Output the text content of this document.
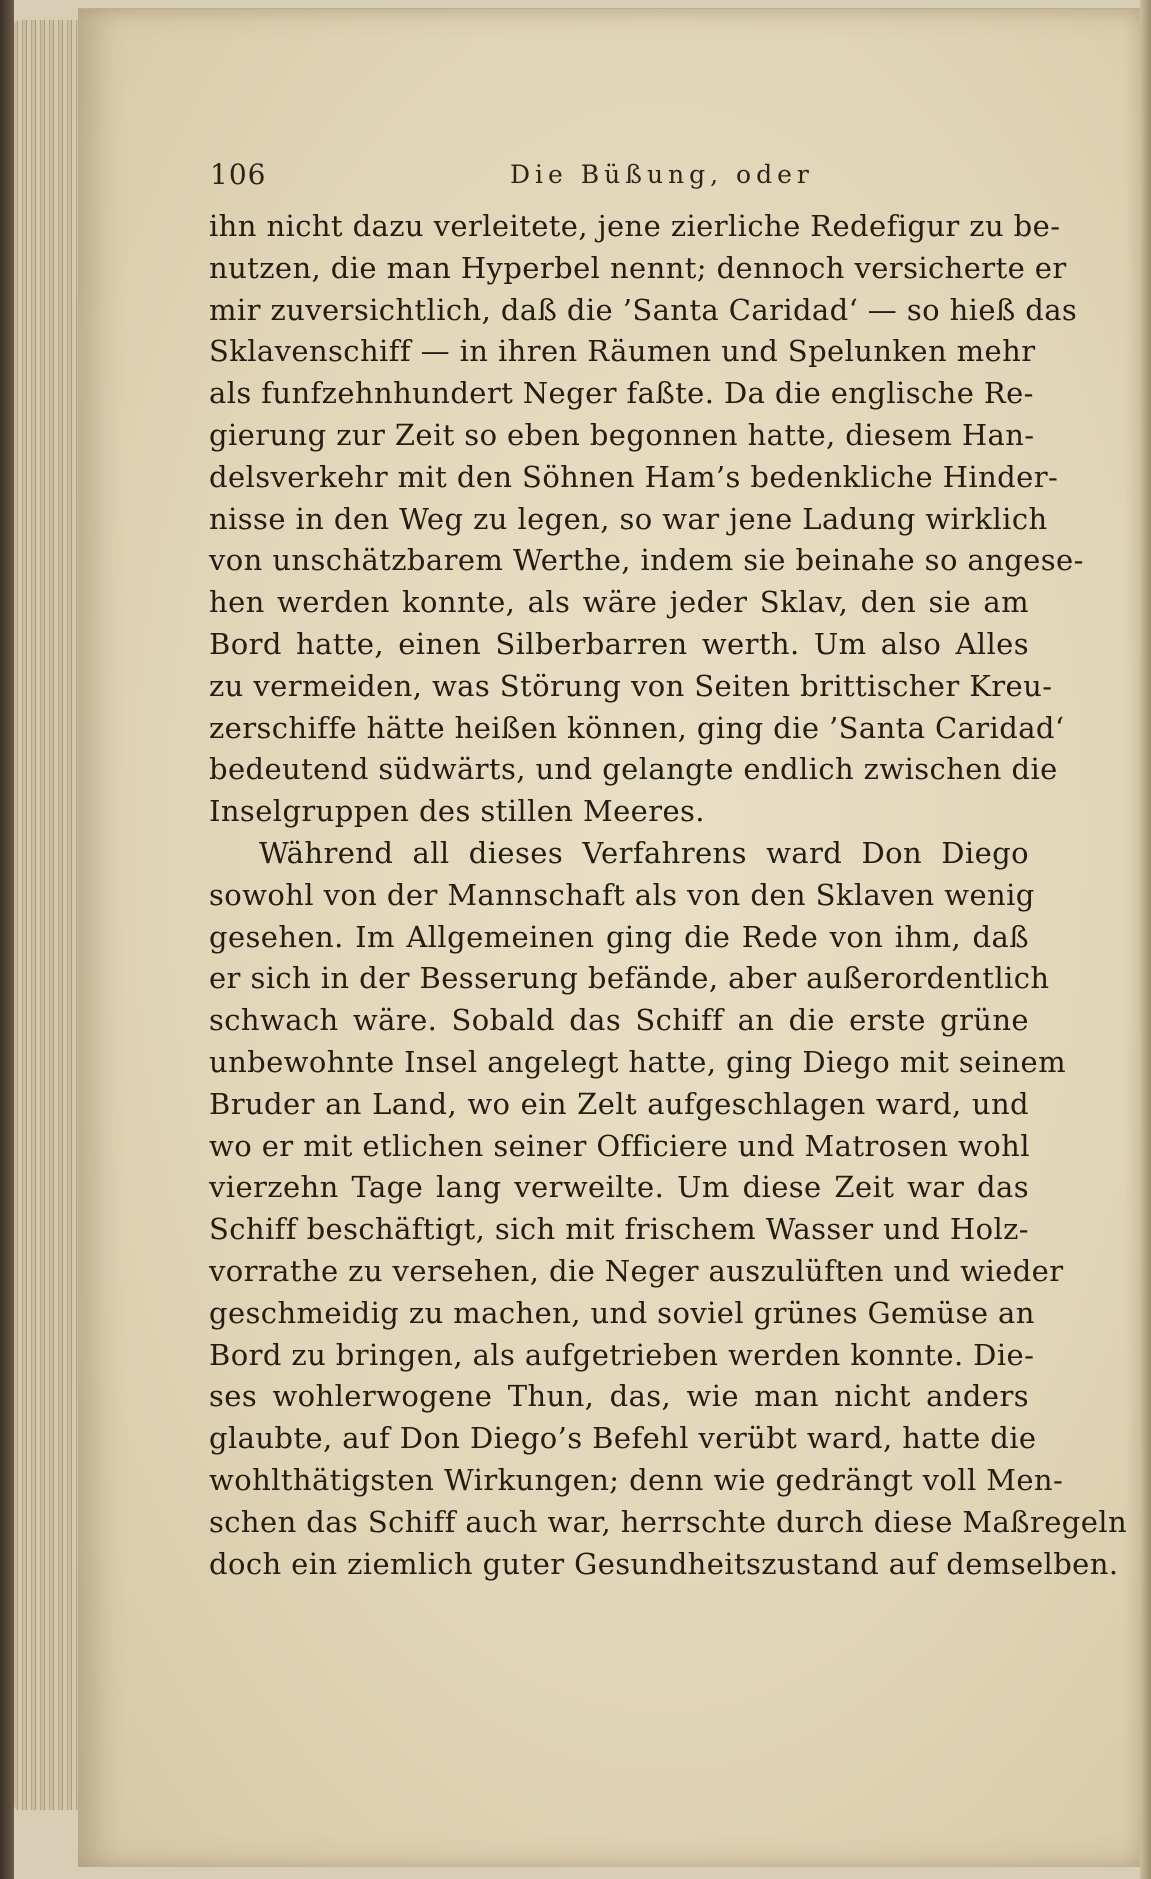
106	Die Büßung, oder
ihn nicht dazu verleitete, jene zierliche Redefigur zu be-
nutzen, die man Hyperbel nennt; dennoch versicherte er
mir zuversichtlich, daß die ’Santa Caridad‘ — so hieß das
Sklavenschiff — in ihren Räumen und Spelunken mehr
als funfzehnhundert Neger faßte. Da die englische Re-
gierung zur Zeit so eben begonnen hatte, diesem Han-
delsverkehr mit den Söhnen Ham’s bedenkliche Hinder-
nisse in den Weg zu legen, so war jene Ladung wirklich
von unschätzbarem Werthe, indem sie beinahe so angese-
hen werden konnte, als wäre jeder Sklav, den sie am
Bord hatte, einen Silberbarren werth. Um also Alles
zu vermeiden, was Störung von Seiten brittischer Kreu-
zerschiffe hätte heißen können, ging die ’Santa Caridad‘
bedeutend südwärts, und gelangte endlich zwischen die
Inselgruppen des stillen Meeres.
Während all dieses Verfahrens ward Don Diego
sowohl von der Mannschaft als von den Sklaven wenig
gesehen. Im Allgemeinen ging die Rede von ihm, daß
er sich in der Besserung befände, aber außerordentlich
schwach wäre. Sobald das Schiff an die erste grüne
unbewohnte Insel angelegt hatte, ging Diego mit seinem
Bruder an Land, wo ein Zelt aufgeschlagen ward, und
wo er mit etlichen seiner Officiere und Matrosen wohl
vierzehn Tage lang verweilte. Um diese Zeit war das
Schiff beschäftigt, sich mit frischem Wasser und Holz-
vorrathe zu versehen, die Neger auszulüften und wieder
geschmeidig zu machen, und soviel grünes Gemüse an
Bord zu bringen, als aufgetrieben werden konnte. Die-
ses wohlerwogene Thun, das, wie man nicht anders
glaubte, auf Don Diego’s Befehl verübt ward, hatte die
wohlthätigsten Wirkungen; denn wie gedrängt voll Men-
schen das Schiff auch war, herrschte durch diese Maßregeln
doch ein ziemlich guter Gesundheitszustand auf demselben.
